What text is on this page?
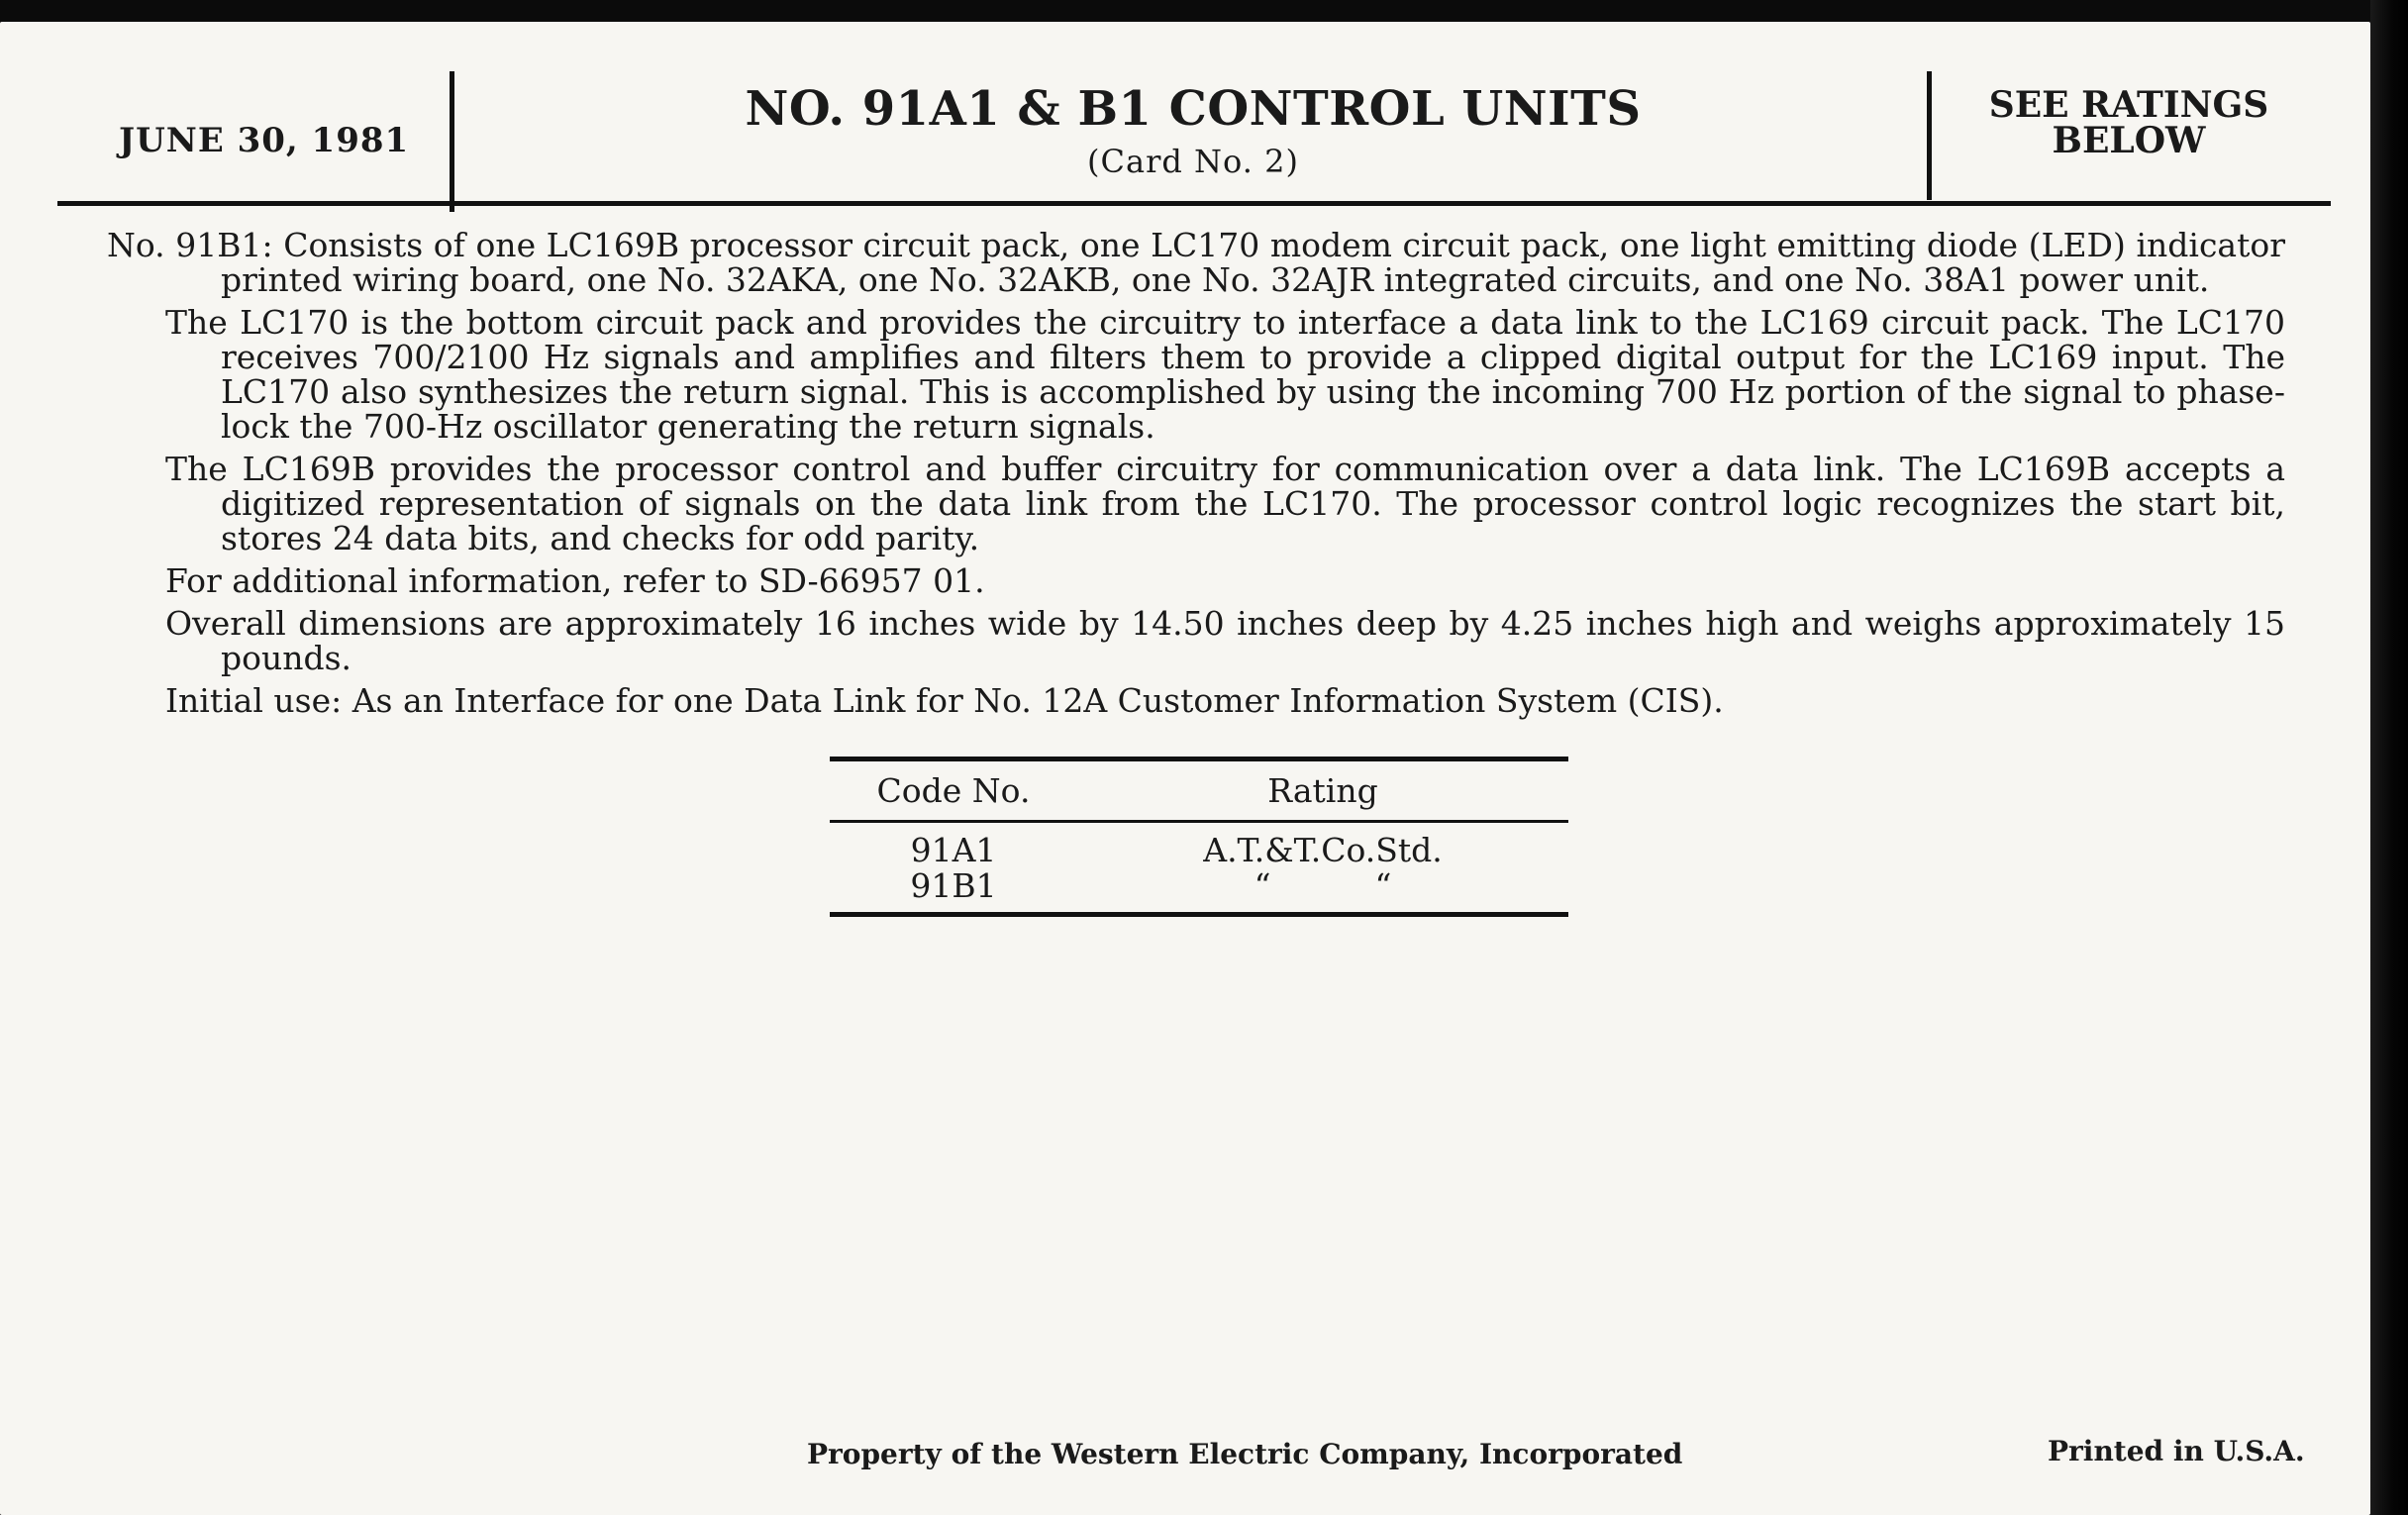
JUNE 30, 1981
NO. 91A1 & B1 CONTROL UNITS
(Card No. 2)
SEE RATINGS
BELOW

No. 91B1: Consists of one LC169B processor circuit pack, one LC170 modem circuit pack, one light emitting diode (LED) indicator printed wiring board, one No. 32AKA, one No. 32AKB, one No. 32AJR integrated circuits, and one No. 38A1 power unit.

The LC170 is the bottom circuit pack and provides the circuitry to interface a data link to the LC169 circuit pack. The LC170 receives 700/2100 Hz signals and amplifies and filters them to provide a clipped digital output for the LC169 input. The LC170 also synthesizes the return signal. This is accomplished by using the incoming 700 Hz portion of the signal to phase-lock the 700-Hz oscillator generating the return signals.

The LC169B provides the processor control and buffer circuitry for communication over a data link. The LC169B accepts a digitized representation of signals on the data link from the LC170. The processor control logic recognizes the start bit, stores 24 data bits, and checks for odd parity.

For additional information, refer to SD-66957 01.

Overall dimensions are approximately 16 inches wide by 14.50 inches deep by 4.25 inches high and weighs approximately 15 pounds.

Initial use: As an Interface for one Data Link for No. 12A Customer Information System (CIS).

Code No.	Rating
91A1	A.T.&T.Co.Std.
91B1	“          “
Property of the Western Electric Company, Incorporated	Printed in U.S.A.
